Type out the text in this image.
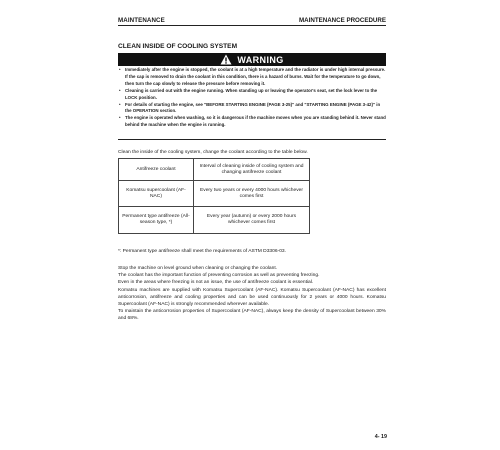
MAINTENANCE	MAINTENANCE PROCEDURE
CLEAN INSIDE OF COOLING SYSTEM
WARNING
• Immediately after the engine is stopped, the coolant is at a high temperature and the radiator is under high internal pressure. If the cap is removed to drain the coolant in this condition, there is a hazard of burns. Wait for the temperature to go down, then turn the cap slowly to release the pressure before removing it.
• Cleaning is carried out with the engine running. When standing up or leaving the operator's seat, set the lock lever to the LOCK position.
• For details of starting the engine, see "BEFORE STARTING ENGINE (PAGE 3-25)" and "STARTING ENGINE (PAGE 3-42)" in the OPERATION section.
• The engine is operated when washing, so it is dangerous if the machine moves when you are standing behind it. Never stand behind the machine when the engine is running.
Clean the inside of the cooling system, change the coolant according to the table below.
Antifreeze coolant	Interval of cleaning inside of cooling system and changing antifreeze coolant
Komatsu supercoolant (AF-NAC)	Every two years or every 4000 hours whichever comes first
Permanent type antifreeze (All-season type, *)	Every year (autumn) or every 2000 hours whichever comes first
*: Permanent type antifreeze shall meet the requirements of ASTM D3306-03.

Stop the machine on level ground when cleaning or changing the coolant.

The coolant has the important function of preventing corrosion as well as preventing freezing.

Even in the areas where freezing is not an issue, the use of antifreeze coolant is essential.

Komatsu machines are supplied with Komatsu Supercoolant (AF-NAC). Komatsu Supercoolant (AF-NAC) has excellent anticorrosion, antifreeze and cooling properties and can be used continuously for 2 years or 4000 hours. Komatsu Supercoolant (AF-NAC) is strongly recommended wherever available.

To maintain the anticorrosion properties of Supercoolant (AF-NAC), always keep the density of Supercoolant between 30% and 68%.

4- 19
